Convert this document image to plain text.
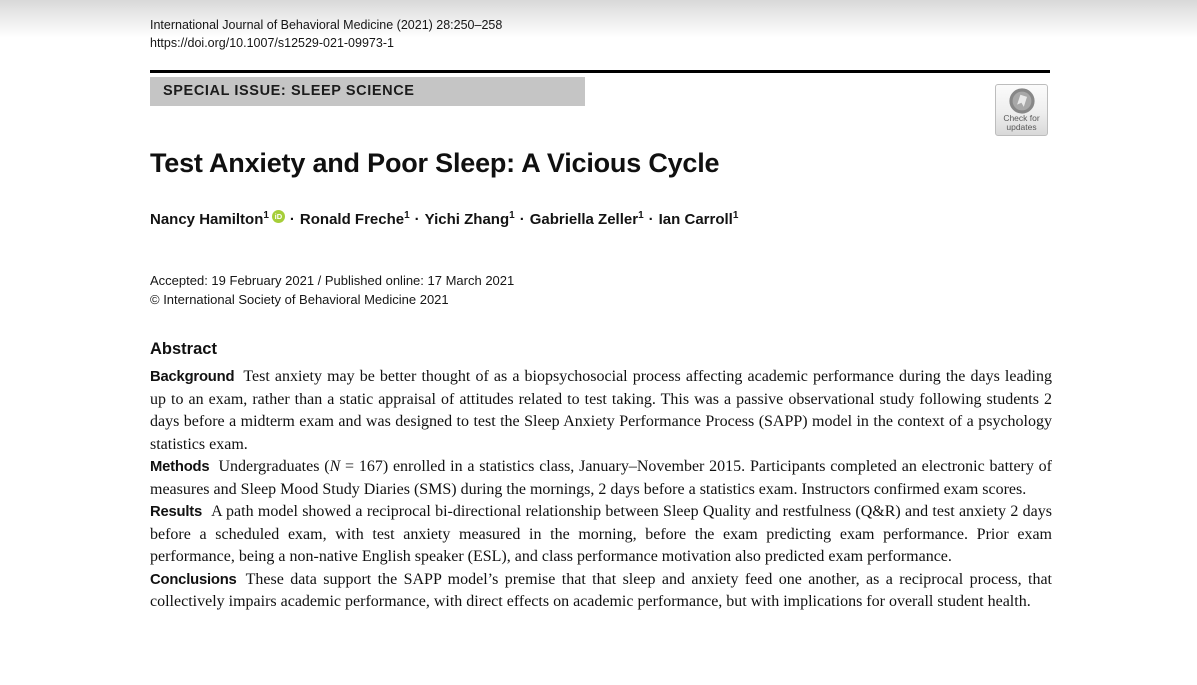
International Journal of Behavioral Medicine (2021) 28:250–258
https://doi.org/10.1007/s12529-021-09973-1
SPECIAL ISSUE: SLEEP SCIENCE
Check for
updates
Test Anxiety and Poor Sleep: A Vicious Cycle
Nancy Hamilton$^1$ iD · Ronald Freche$^1$ · Yichi Zhang$^1$ · Gabriella Zeller$^1$ · Ian Carroll$^1$
Accepted: 19 February 2021 / Published online: 17 March 2021
© International Society of Behavioral Medicine 2021
Abstract

Background Test anxiety may be better thought of as a biopsychosocial process affecting academic performance during the days leading up to an exam, rather than a static appraisal of attitudes related to test taking. This was a passive observational study following students 2 days before a midterm exam and was designed to test the Sleep Anxiety Performance Process (SAPP) model in the context of a psychology statistics exam.

Methods Undergraduates (N = 167) enrolled in a statistics class, January–November 2015. Participants completed an electronic battery of measures and Sleep Mood Study Diaries (SMS) during the mornings, 2 days before a statistics exam. Instructors confirmed exam scores.

Results A path model showed a reciprocal bi-directional relationship between Sleep Quality and restfulness (Q&R) and test anxiety 2 days before a scheduled exam, with test anxiety measured in the morning, before the exam predicting exam performance. Prior exam performance, being a non-native English speaker (ESL), and class performance motivation also predicted exam performance.

Conclusions These data support the SAPP model’s premise that that sleep and anxiety feed one another, as a reciprocal process, that collectively impairs academic performance, with direct effects on academic performance, but with implications for overall student health.
